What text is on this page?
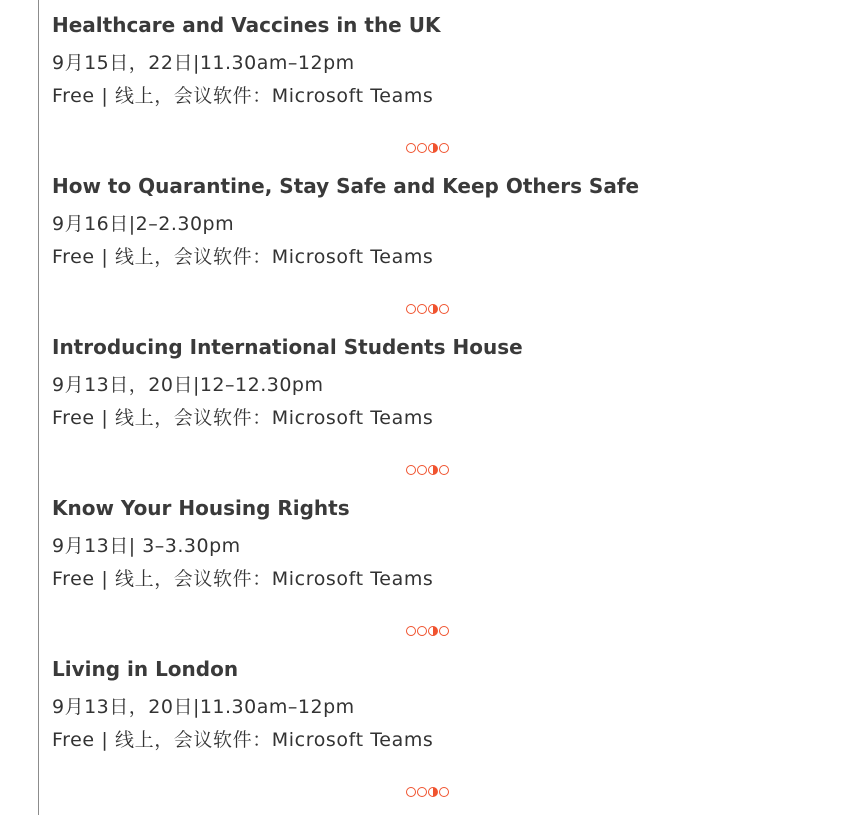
Healthcare and Vaccines in the UK
9月15日，22日|11.30am–12pm
Free | 线上，会议软件：Microsoft Teams
How to Quarantine, Stay Safe and Keep Others Safe
9月16日|2–2.30pm
Free | 线上，会议软件：Microsoft Teams
Introducing International Students House
9月13日，20日|12–12.30pm
Free | 线上，会议软件：Microsoft Teams
Know Your Housing Rights
9月13日| 3–3.30pm
Free | 线上，会议软件：Microsoft Teams
Living in London
9月13日，20日|11.30am–12pm
Free | 线上，会议软件：Microsoft Teams
